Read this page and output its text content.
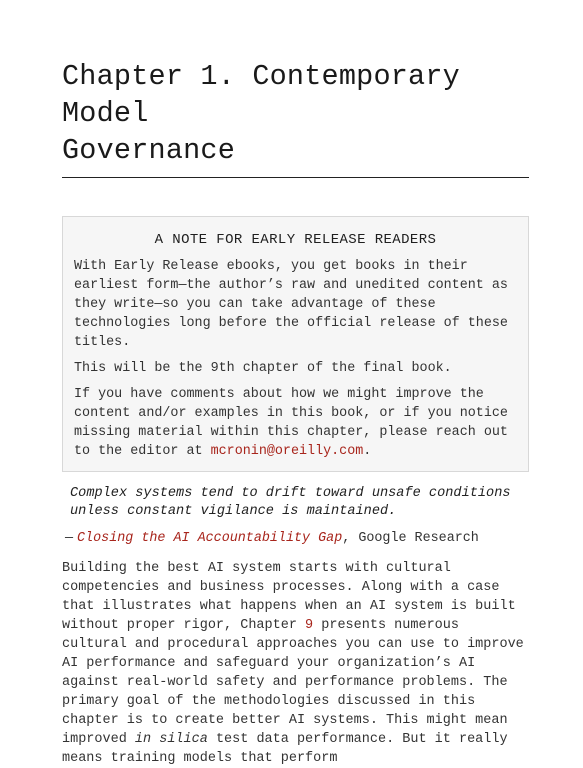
Chapter 1. Contemporary Model
Governance
A NOTE FOR EARLY RELEASE READERS

With Early Release ebooks, you get books in their earliest form—the author’s raw and unedited content as they write—so you can take advantage of these technologies long before the official release of these titles.

This will be the 9th chapter of the final book.

If you have comments about how we might improve the content and/or examples in this book, or if you notice missing material within this chapter, please reach out to the editor at mcronin@oreilly.com.

Complex systems tend to drift toward unsafe conditions unless constant vigilance is maintained.
— Closing the AI Accountability Gap, Google Research
Building the best AI system starts with cultural competencies and business processes. Along with a case that illustrates what happens when an AI system is built without proper rigor, Chapter 9 presents numerous cultural and procedural approaches you can use to improve AI performance and safeguard your organization’s AI against real-world safety and performance problems. The primary goal of the methodologies discussed in this chapter is to create better AI systems. This might mean improved in silica test data performance. But it really means training models that perform
